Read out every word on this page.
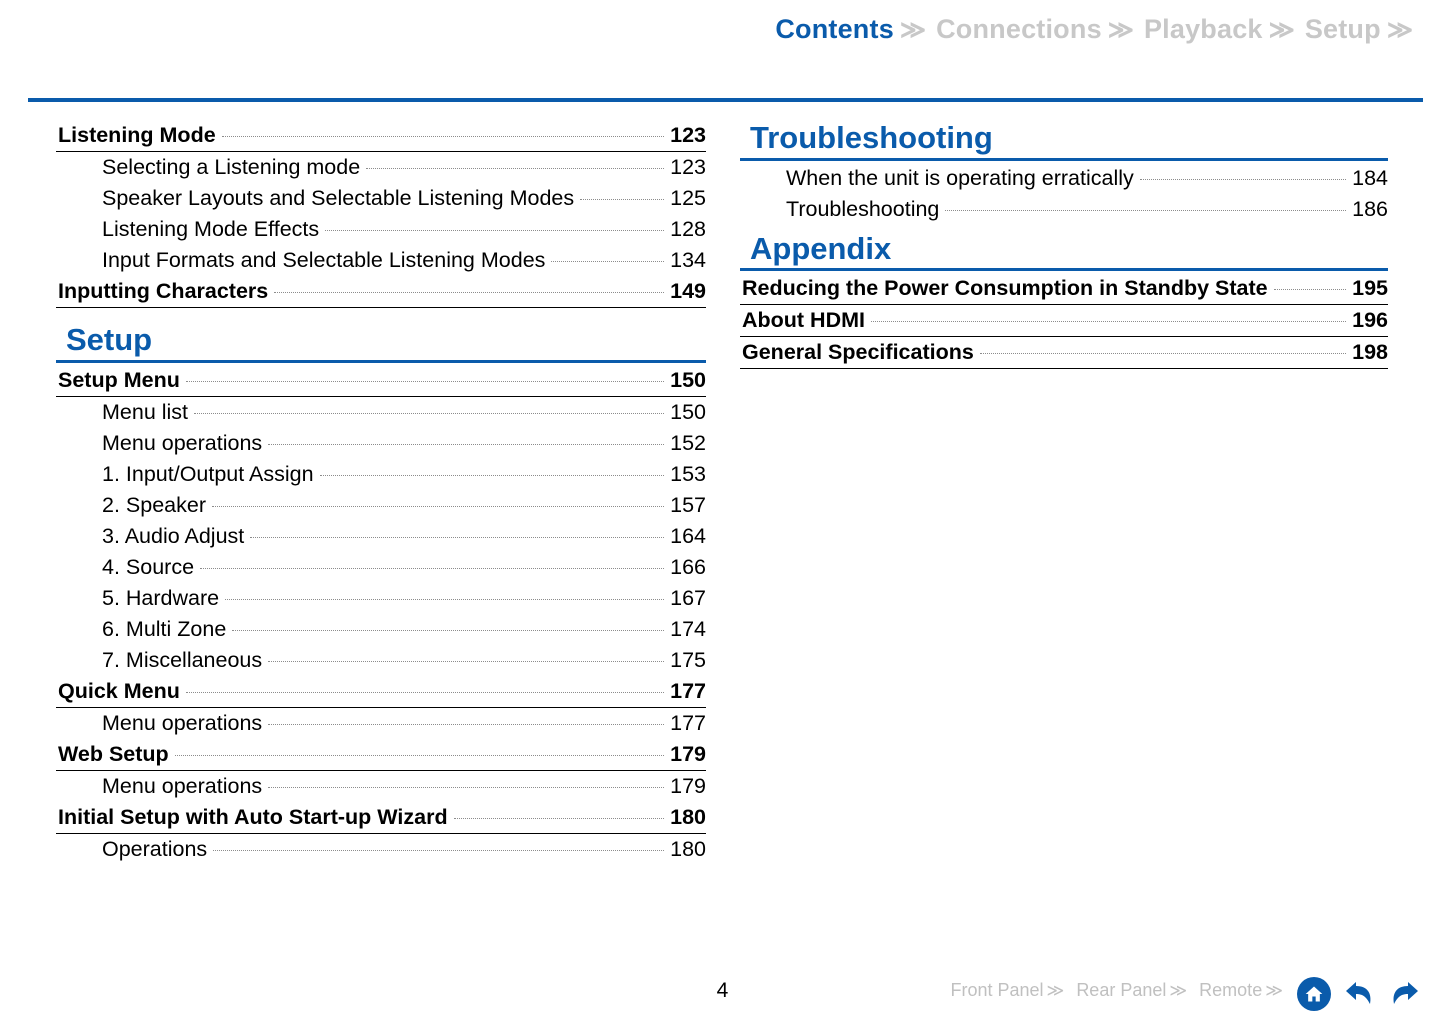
Contents ≫ Connections ≫ Playback ≫ Setup ≫
Listening Mode	123
Selecting a Listening mode	123
Speaker Layouts and Selectable Listening Modes	125
Listening Mode Effects	128
Input Formats and Selectable Listening Modes	134
Inputting Characters	149
Setup
Setup Menu	150
Menu list	150
Menu operations	152
1. Input/Output Assign	153
2. Speaker	157
3. Audio Adjust	164
4. Source	166
5. Hardware	167
6. Multi Zone	174
7. Miscellaneous	175
Quick Menu	177
Menu operations	177
Web Setup	179
Menu operations	179
Initial Setup with Auto Start-up Wizard	180
Operations	180
Troubleshooting
When the unit is operating erratically	184
Troubleshooting	186
Appendix
Reducing the Power Consumption in Standby State	195
About HDMI	196
General Specifications	198
4	Front Panel ≫ Rear Panel ≫ Remote ≫
